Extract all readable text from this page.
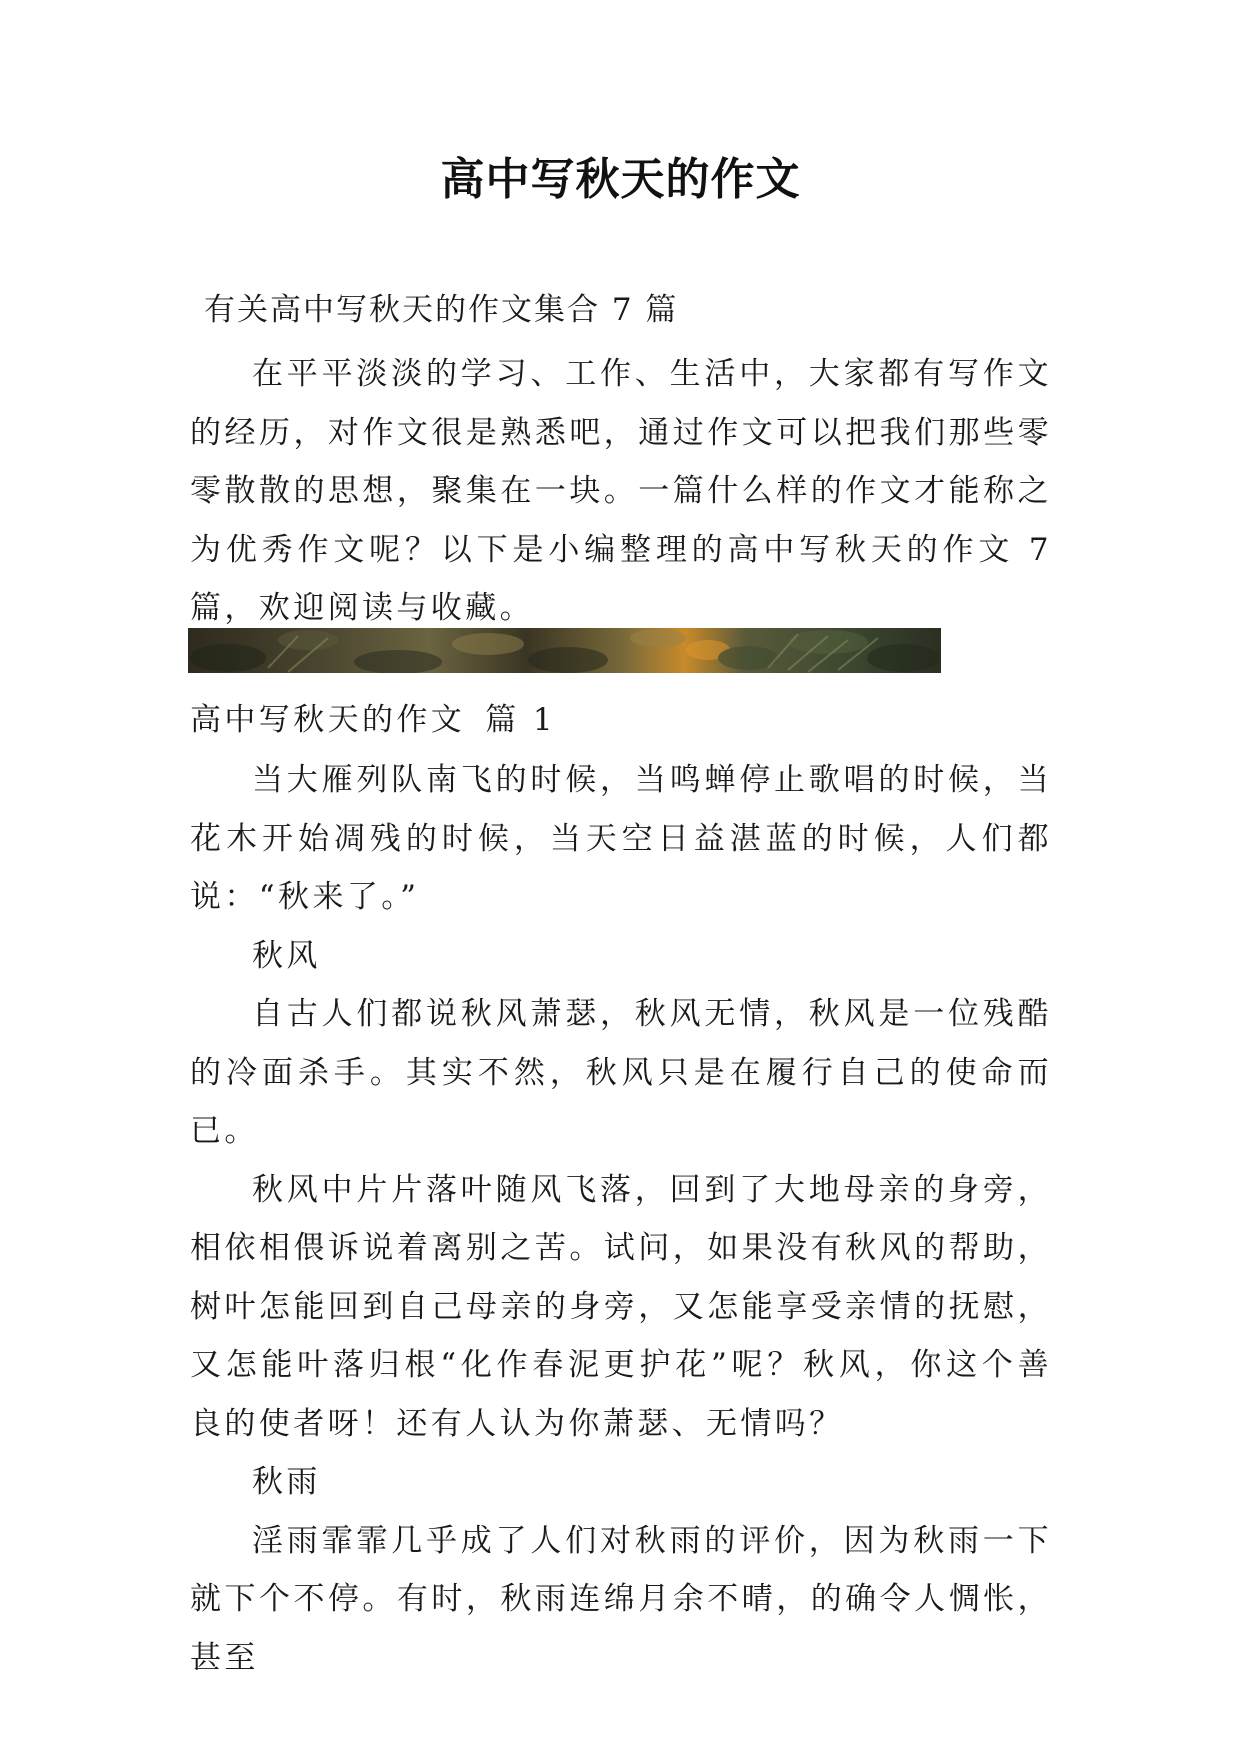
高中写秋天的作文
有关高中写秋天的作文集合 7 篇

在平平淡淡的学习、工作、生活中，大家都有写作文的经历，对作文很是熟悉吧，通过作文可以把我们那些零零散散的思想，聚集在一块。一篇什么样的作文才能称之为优秀作文呢？以下是小编整理的高中写秋天的作文 7 篇，欢迎阅读与收藏。

高中写秋天的作文 篇 1

当大雁列队南飞的时候，当鸣蝉停止歌唱的时候，当花木开始凋残的时候，当天空日益湛蓝的时候，人们都说：“秋来了。”

秋风

自古人们都说秋风萧瑟，秋风无情，秋风是一位残酷的冷面杀手。其实不然，秋风只是在履行自己的使命而已。

秋风中片片落叶随风飞落，回到了大地母亲的身旁，相依相偎诉说着离别之苦。试问，如果没有秋风的帮助，树叶怎能回到自己母亲的身旁，又怎能享受亲情的抚慰，又怎能叶落归根“化作春泥更护花”呢？秋风，你这个善良的使者呀！还有人认为你萧瑟、无情吗？

秋雨

淫雨霏霏几乎成了人们对秋雨的评价，因为秋雨一下就下个不停。有时，秋雨连绵月余不晴，的确令人惆怅，甚至
